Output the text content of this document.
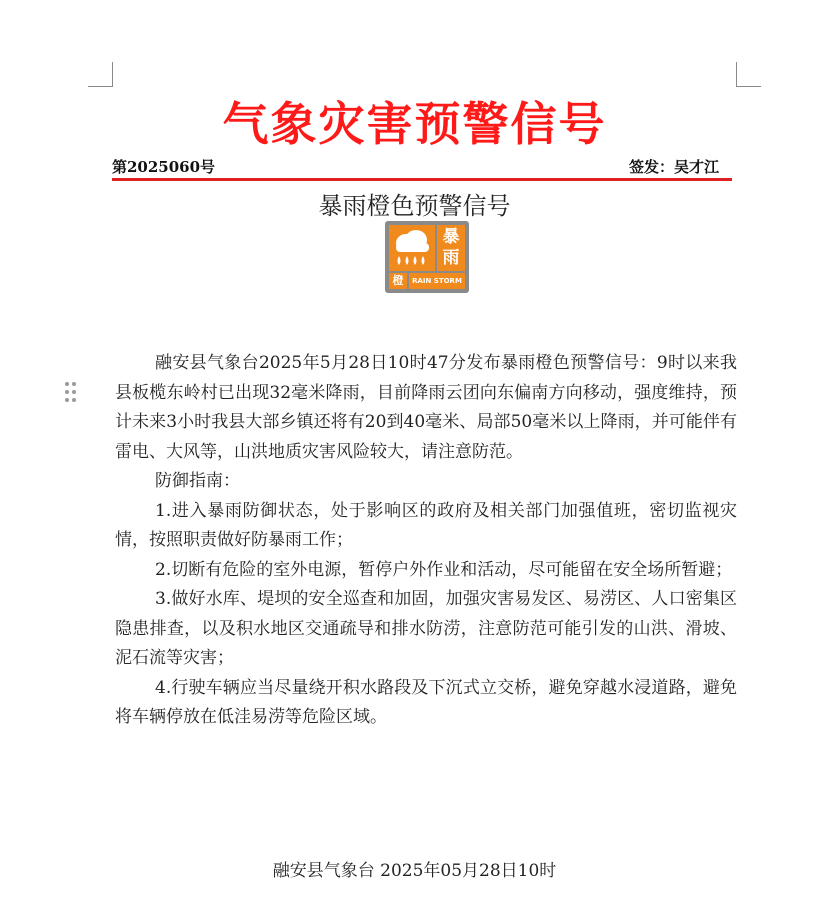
气象灾害预警信号
第2025060号	签发：吴才江
暴雨橙色预警信号
暴
雨
橙	RAIN STORM

融安县气象台2025年5月28日10时47分发布暴雨橙色预警信号：9时以来我县板榄东岭村已出现32毫米降雨，目前降雨云团向东偏南方向移动，强度维持，预计未来3小时我县大部乡镇还将有20到40毫米、局部50毫米以上降雨，并可能伴有雷电、大风等，山洪地质灾害风险较大，请注意防范。

防御指南：

1.进入暴雨防御状态，处于影响区的政府及相关部门加强值班，密切监视灾情，按照职责做好防暴雨工作；

2.切断有危险的室外电源，暂停户外作业和活动，尽可能留在安全场所暂避；

3.做好水库、堤坝的安全巡查和加固，加强灾害易发区、易涝区、人口密集区隐患排查，以及积水地区交通疏导和排水防涝，注意防范可能引发的山洪、滑坡、泥石流等灾害；

4.行驶车辆应当尽量绕开积水路段及下沉式立交桥，避免穿越水浸道路，避免将车辆停放在低洼易涝等危险区域。

融安县气象台 2025年05月28日10时
